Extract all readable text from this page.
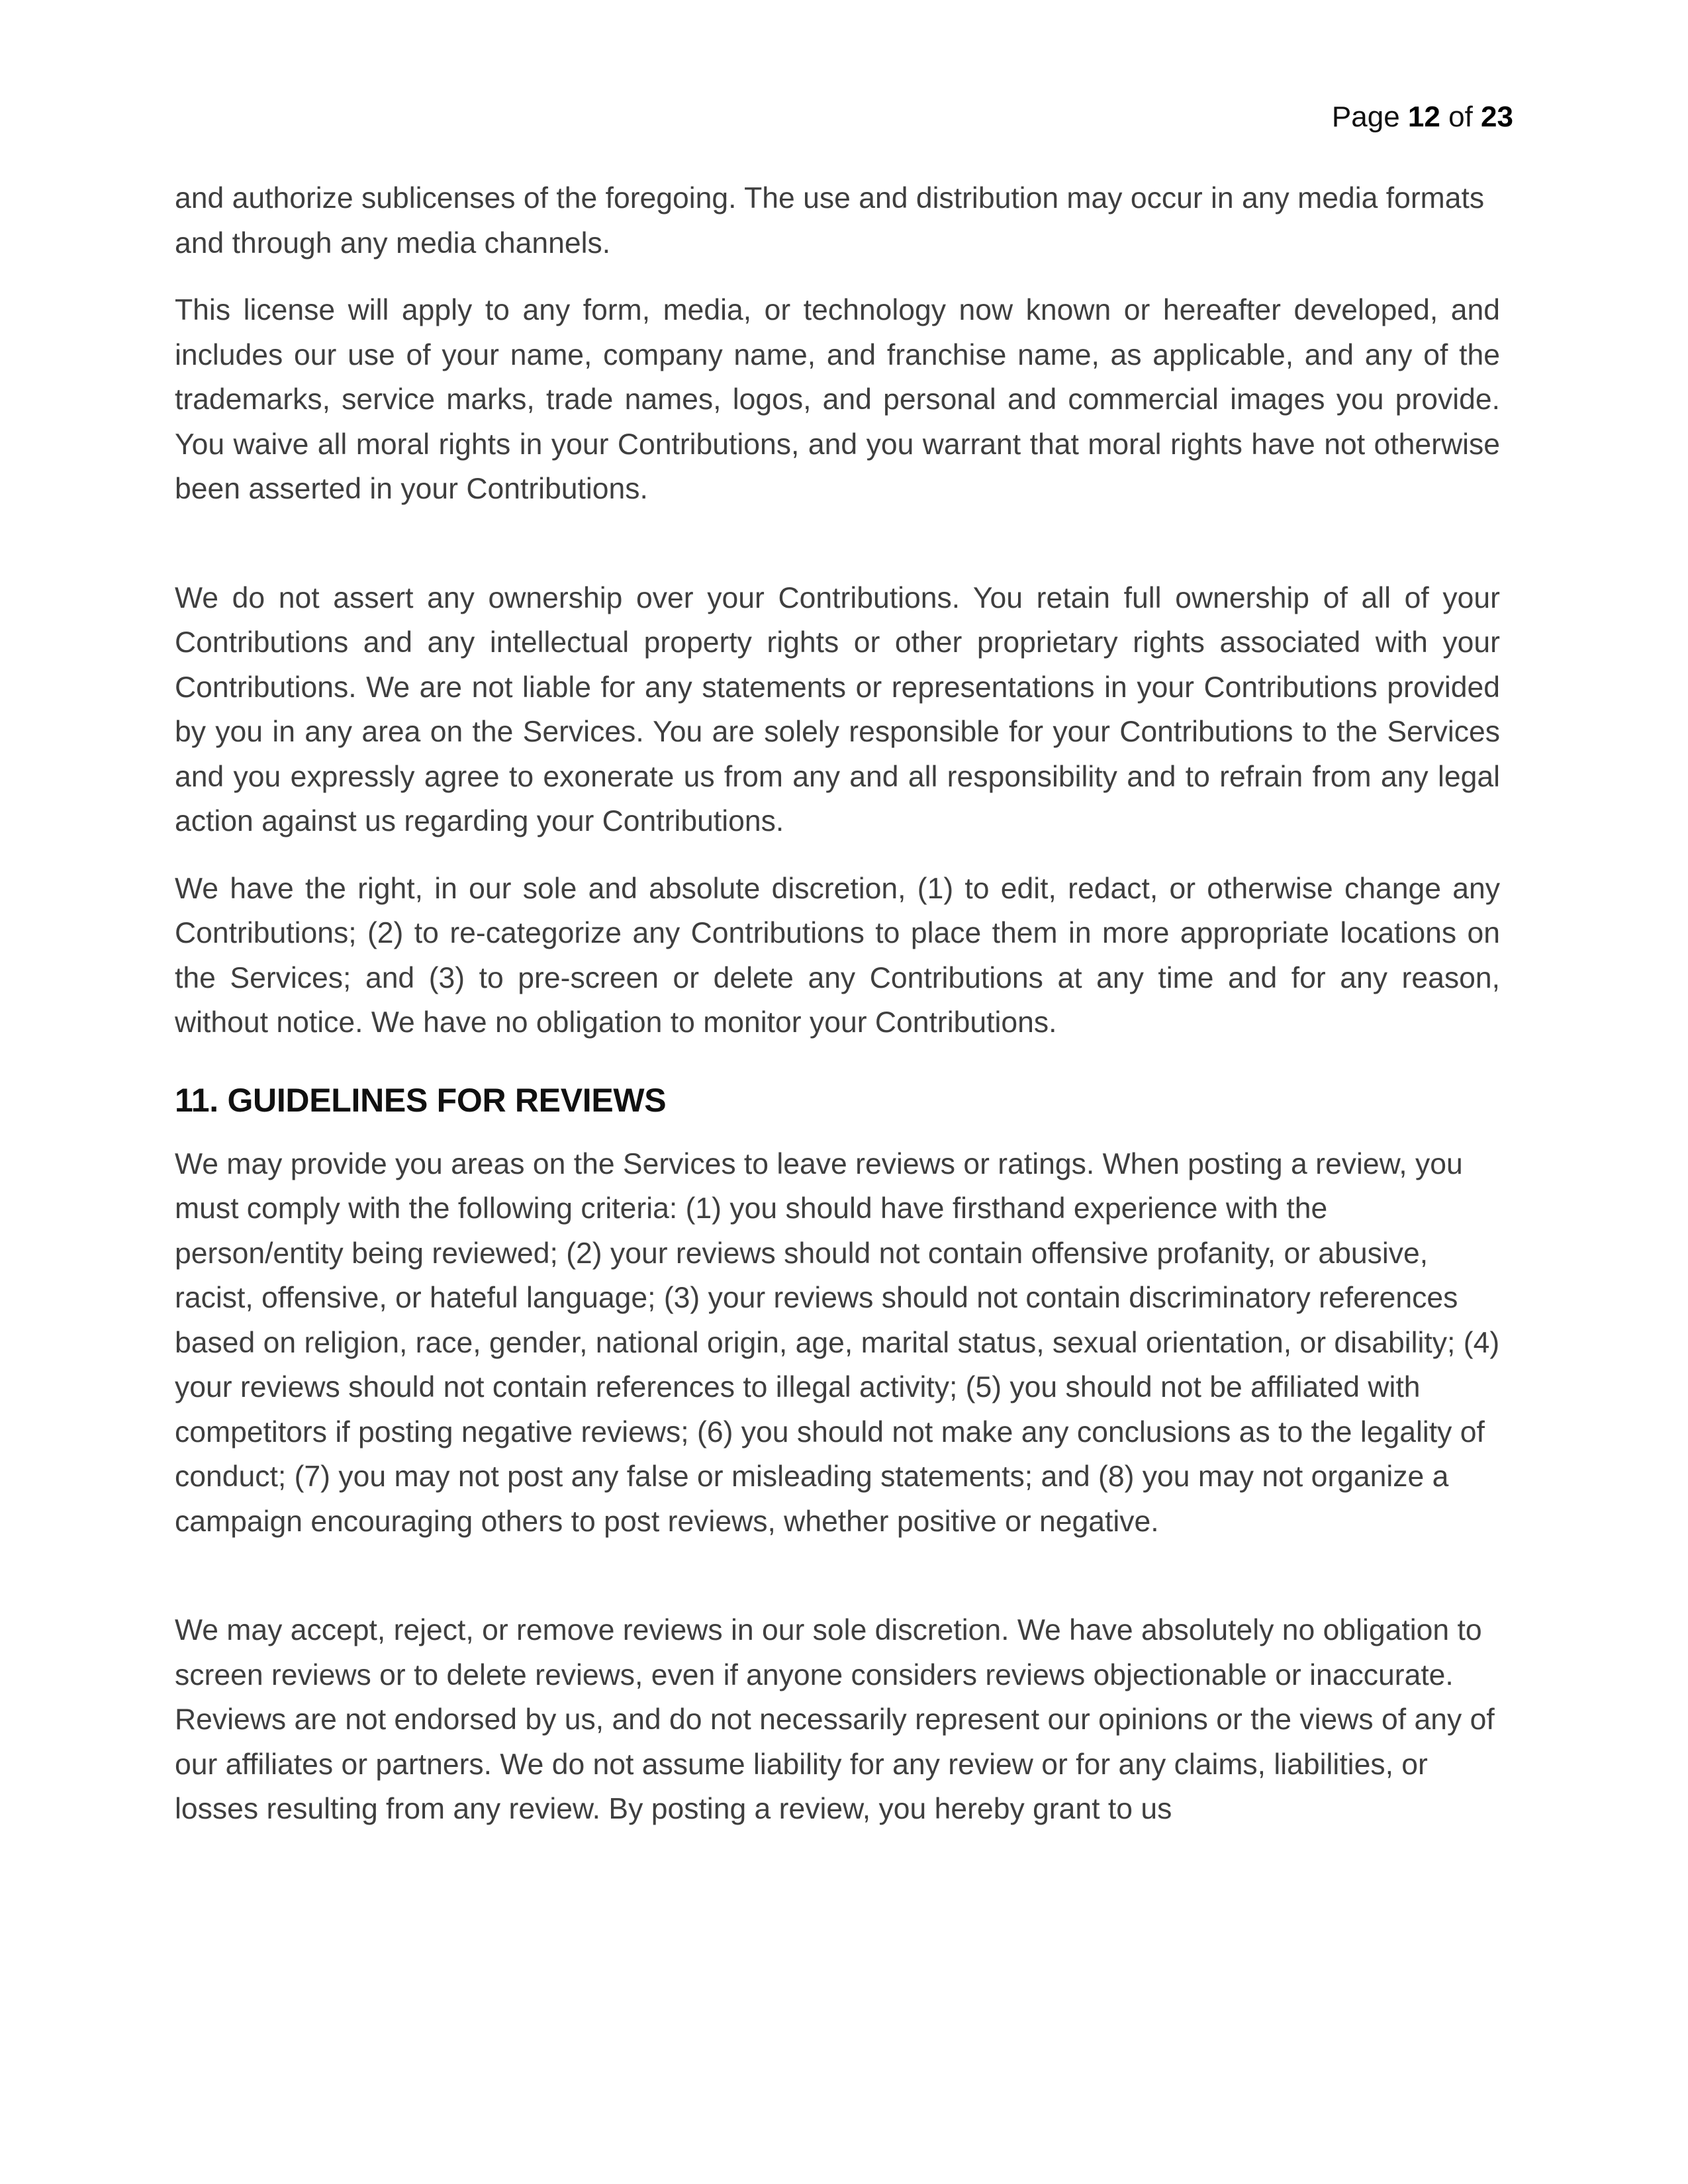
Page 12 of 23

and authorize sublicenses of the foregoing. The use and distribution may occur in any media formats and through any media channels.

This license will apply to any form, media, or technology now known or hereafter developed, and includes our use of your name, company name, and franchise name, as applicable, and any of the trademarks, service marks, trade names, logos, and personal and commercial images you provide. You waive all moral rights in your Contributions, and you warrant that moral rights have not otherwise been asserted in your Contributions.

We do not assert any ownership over your Contributions. You retain full ownership of all of your Contributions and any intellectual property rights or other proprietary rights associated with your Contributions. We are not liable for any statements or representations in your Contributions provided by you in any area on the Services. You are solely responsible for your Contributions to the Services and you expressly agree to exonerate us from any and all responsibility and to refrain from any legal action against us regarding your Contributions.

We have the right, in our sole and absolute discretion, (1) to edit, redact, or otherwise change any Contributions; (2) to re-categorize any Contributions to place them in more appropriate locations on the Services; and (3) to pre-screen or delete any Contributions at any time and for any reason, without notice. We have no obligation to monitor your Contributions.

11. GUIDELINES FOR REVIEWS

We may provide you areas on the Services to leave reviews or ratings. When posting a review, you must comply with the following criteria: (1) you should have firsthand experience with the person/entity being reviewed; (2) your reviews should not contain offensive profanity, or abusive, racist, offensive, or hateful language; (3) your reviews should not contain discriminatory references based on religion, race, gender, national origin, age, marital status, sexual orientation, or disability; (4) your reviews should not contain references to illegal activity; (5) you should not be affiliated with competitors if posting negative reviews; (6) you should not make any conclusions as to the legality of conduct; (7) you may not post any false or misleading statements; and (8) you may not organize a campaign encouraging others to post reviews, whether positive or negative.

We may accept, reject, or remove reviews in our sole discretion. We have absolutely no obligation to screen reviews or to delete reviews, even if anyone considers reviews objectionable or inaccurate. Reviews are not endorsed by us, and do not necessarily represent our opinions or the views of any of our affiliates or partners. We do not assume liability for any review or for any claims, liabilities, or losses resulting from any review. By posting a review, you hereby grant to us
